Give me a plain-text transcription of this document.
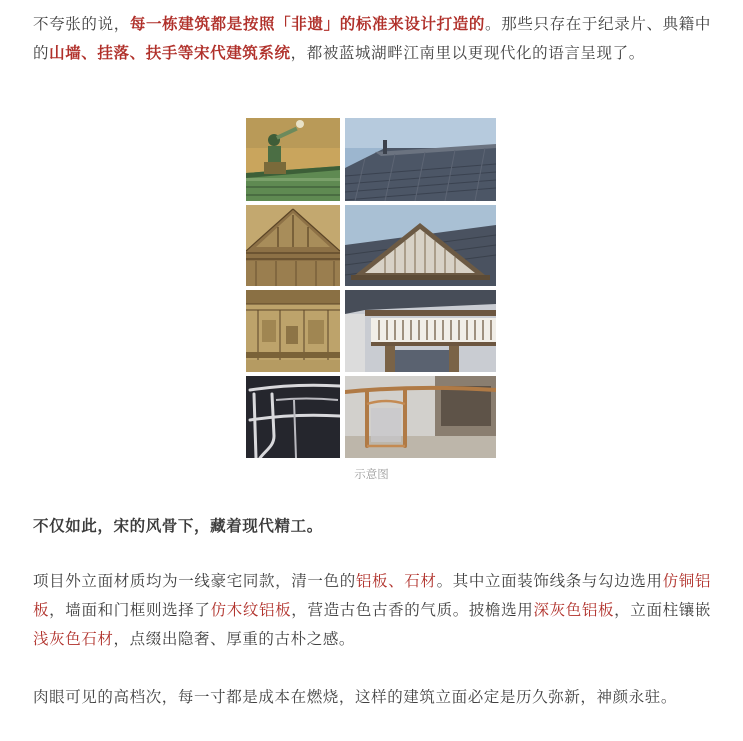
不夸张的说，每一栋建筑都是按照「非遗」的标准来设计打造的。那些只存在于纪录片、典籍中的山墙、挂落、扶手等宋代建筑系统，都被蓝城湖畔江南里以更现代化的语言呈现了。

示意图

不仅如此，宋的风骨下，藏着现代精工。

项目外立面材质均为一线豪宅同款，清一色的铝板、石材。其中立面装饰线条与勾边选用仿铜铝板，墙面和门框则选择了仿木纹铝板，营造古色古香的气质。披檐选用深灰色铝板，立面柱镶嵌浅灰色石材，点缀出隐奢、厚重的古朴之感。

肉眼可见的高档次，每一寸都是成本在燃烧，这样的建筑立面必定是历久弥新，神颜永驻。
